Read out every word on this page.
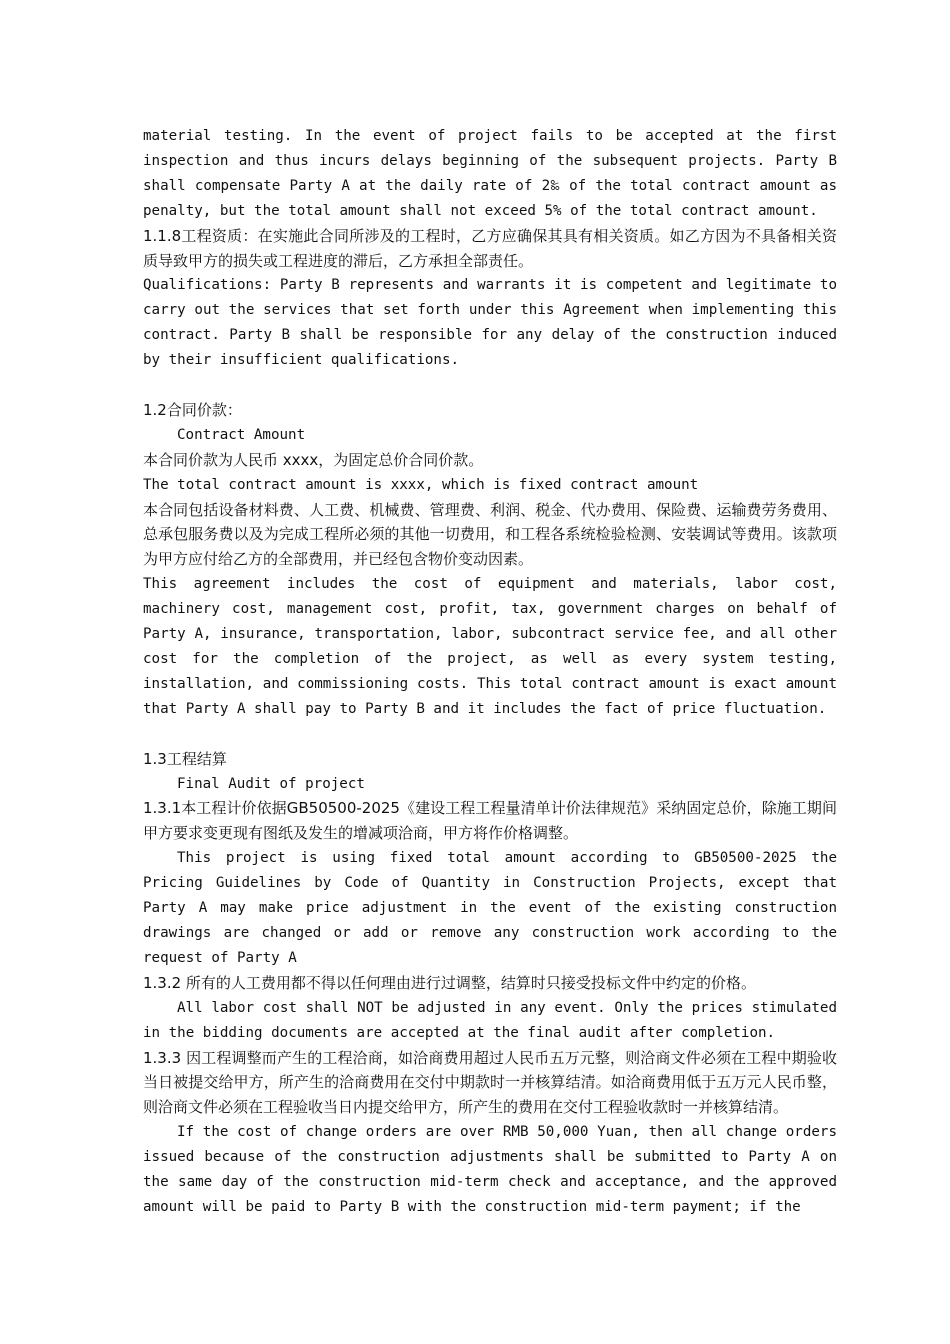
material testing. In the event of project fails to be accepted at the first inspection and thus incurs delays beginning of the subsequent projects. Party B shall compensate Party A at the daily rate of 2‰ of the total contract amount as penalty, but the total amount shall not exceed 5% of the total contract amount.

1.1.8工程资质：在实施此合同所涉及的工程时，乙方应确保其具有相关资质。如乙方因为不具备相关资质导致甲方的损失或工程进度的滞后，乙方承担全部责任。

Qualifications: Party B represents and warrants it is competent and legitimate to carry out the services that set forth under this Agreement when implementing this contract. Party B shall be responsible for any delay of the construction induced by their insufficient qualifications.

1.2合同价款：

Contract Amount

本合同价款为人民币 xxxx，为固定总价合同价款。

The total contract amount is xxxx, which is fixed contract amount

本合同包括设备材料费、人工费、机械费、管理费、利润、税金、代办费用、保险费、运输费劳务费用、总承包服务费以及为完成工程所必须的其他一切费用，和工程各系统检验检测、安装调试等费用。该款项为甲方应付给乙方的全部费用，并已经包含物价变动因素。

This agreement includes the cost of equipment and materials, labor cost, machinery cost, management cost, profit, tax, government charges on behalf of Party A, insurance, transportation, labor, subcontract service fee, and all other cost for the completion of the project, as well as every system testing, installation, and commissioning costs. This total contract amount is exact amount that Party A shall pay to Party B and it includes the fact of price fluctuation.

1.3工程结算

Final Audit of project

1.3.1本工程计价依据GB50500-2025《建设工程工程量清单计价法律规范》采纳固定总价，除施工期间甲方要求变更现有图纸及发生的增减项洽商，甲方将作价格调整。

This project is using fixed total amount according to GB50500-2025 the Pricing Guidelines by Code of Quantity in Construction Projects, except that Party A may make price adjustment in the event of the existing construction drawings are changed or add or remove any construction work according to the request of Party A

1.3.2 所有的人工费用都不得以任何理由进行过调整，结算时只接受投标文件中约定的价格。

All labor cost shall NOT be adjusted in any event. Only the prices stimulated in the bidding documents are accepted at the final audit after completion.

1.3.3 因工程调整而产生的工程洽商，如洽商费用超过人民币五万元整，则洽商文件必须在工程中期验收当日被提交给甲方，所产生的洽商费用在交付中期款时一并核算结清。如洽商费用低于五万元人民币整，则洽商文件必须在工程验收当日内提交给甲方，所产生的费用在交付工程验收款时一并核算结清。

If the cost of change orders are over RMB 50,000 Yuan, then all change orders issued because of the construction adjustments shall be submitted to Party A on the same day of the construction mid-term check and acceptance, and the approved amount will be paid to Party B with the construction mid-term payment; if the
